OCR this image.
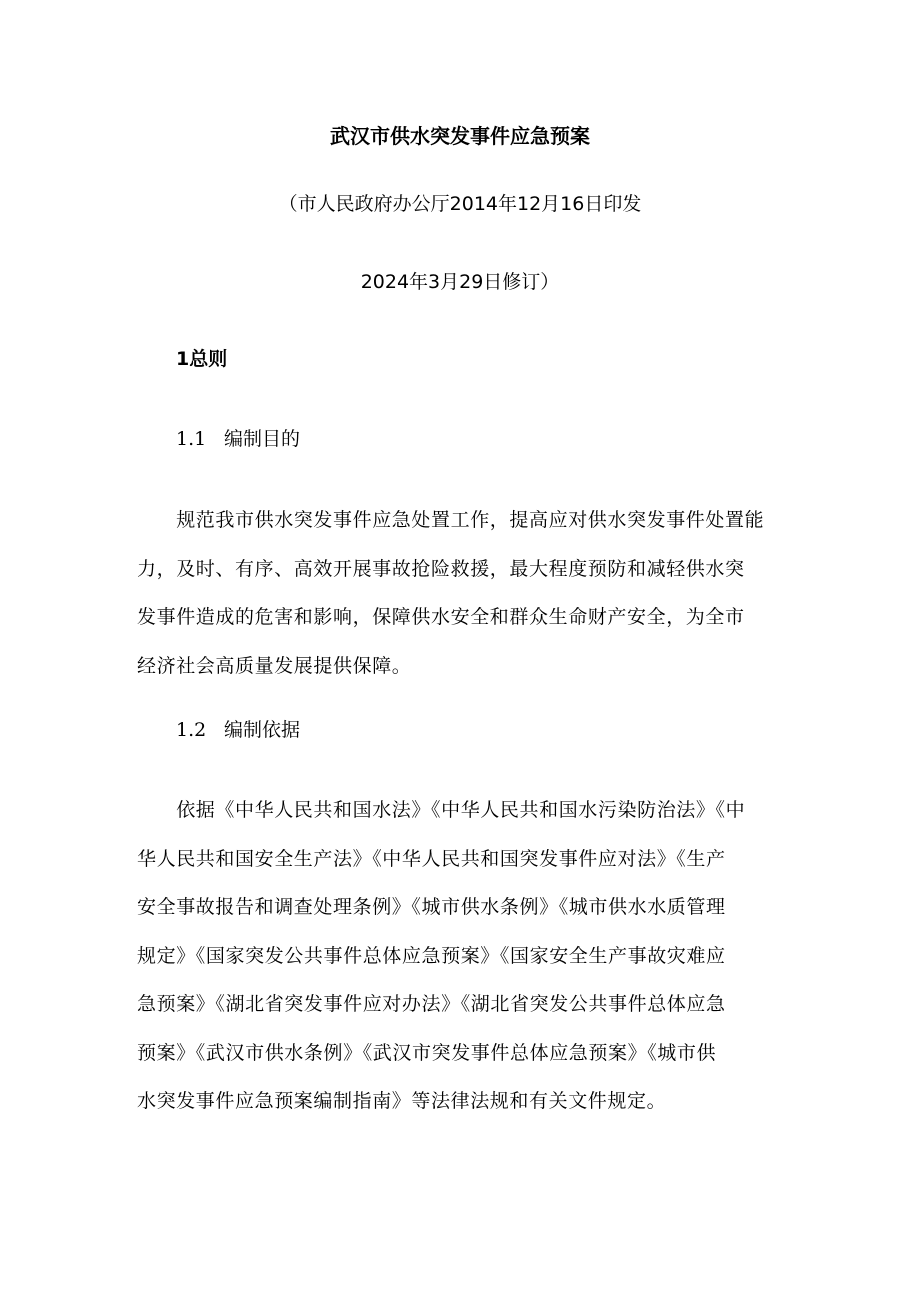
武汉市供水突发事件应急预案
（市人民政府办公厅2014年12月16日印发
2024年3月29日修订）
1总则
1.1 编制目的
　　规范我市供水突发事件应急处置工作，提高应对供水突发事件处置能
力，及时、有序、高效开展事故抢险救援，最大程度预防和减轻供水突
发事件造成的危害和影响，保障供水安全和群众生命财产安全，为全市
经济社会高质量发展提供保障。
1.2 编制依据
　　依据《中华人民共和国水法》《中华人民共和国水污染防治法》《中
华人民共和国安全生产法》《中华人民共和国突发事件应对法》《生产
安全事故报告和调查处理条例》《城市供水条例》《城市供水水质管理
规定》《国家突发公共事件总体应急预案》《国家安全生产事故灾难应
急预案》《湖北省突发事件应对办法》《湖北省突发公共事件总体应急
预案》《武汉市供水条例》《武汉市突发事件总体应急预案》《城市供
水突发事件应急预案编制指南》等法律法规和有关文件规定。
